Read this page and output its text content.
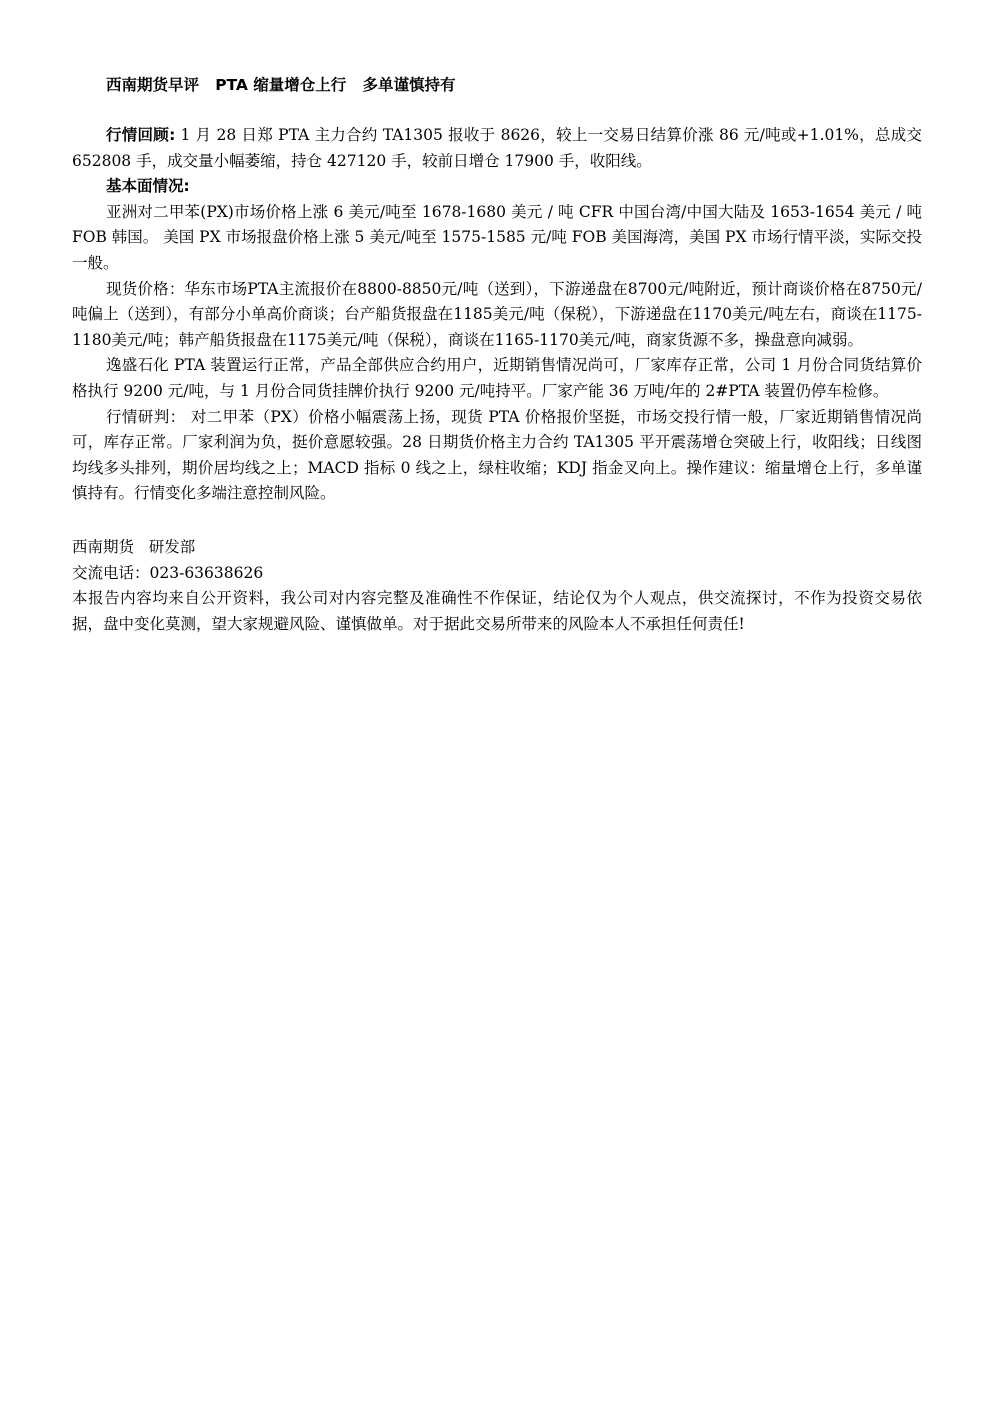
西南期货早评   PTA 缩量增仓上行   多单谨慎持有

行情回顾: 1 月 28 日郑 PTA 主力合约 TA1305 报收于 8626，较上一交易日结算价涨 86 元/吨或+1.01%，总成交 652808 手，成交量小幅萎缩，持仓 427120 手，较前日增仓 17900 手，收阳线。

基本面情况:

亚洲对二甲苯(PX)市场价格上涨 6 美元/吨至 1678-1680 美元 / 吨 CFR 中国台湾/中国大陆及 1653-1654 美元 / 吨 FOB 韩国。 美国 PX 市场报盘价格上涨 5 美元/吨至 1575-1585 元/吨 FOB 美国海湾，美国 PX 市场行情平淡，实际交投一般。

现货价格：华东市场PTA主流报价在8800-8850元/吨（送到），下游递盘在8700元/吨附近，预计商谈价格在8750元/吨偏上（送到），有部分小单高价商谈；台产船货报盘在1185美元/吨（保税），下游递盘在1170美元/吨左右，商谈在1175-1180美元/吨；韩产船货报盘在1175美元/吨（保税），商谈在1165-1170美元/吨，商家货源不多，操盘意向减弱。

逸盛石化 PTA 装置运行正常，产品全部供应合约用户，近期销售情况尚可，厂家库存正常，公司 1 月份合同货结算价格执行 9200 元/吨，与 1 月份合同货挂牌价执行 9200 元/吨持平。厂家产能 36 万吨/年的 2#PTA 装置仍停车检修。

行情研判： 对二甲苯（PX）价格小幅震荡上扬，现货 PTA 价格报价坚挺，市场交投行情一般，厂家近期销售情况尚可，库存正常。厂家利润为负，挺价意愿较强。28 日期货价格主力合约 TA1305 平开震荡增仓突破上行，收阳线；日线图均线多头排列，期价居均线之上；MACD 指标 0 线之上，绿柱收缩；KDJ 指金叉向上。操作建议：缩量增仓上行，多单谨慎持有。行情变化多端注意控制风险。

西南期货   研发部
交流电话：023-63638626
本报告内容均来自公开资料，我公司对内容完整及准确性不作保证，结论仅为个人观点，供交流探讨，不作为投资交易依据，盘中变化莫测，望大家规避风险、谨慎做单。对于据此交易所带来的风险本人不承担任何责任!
